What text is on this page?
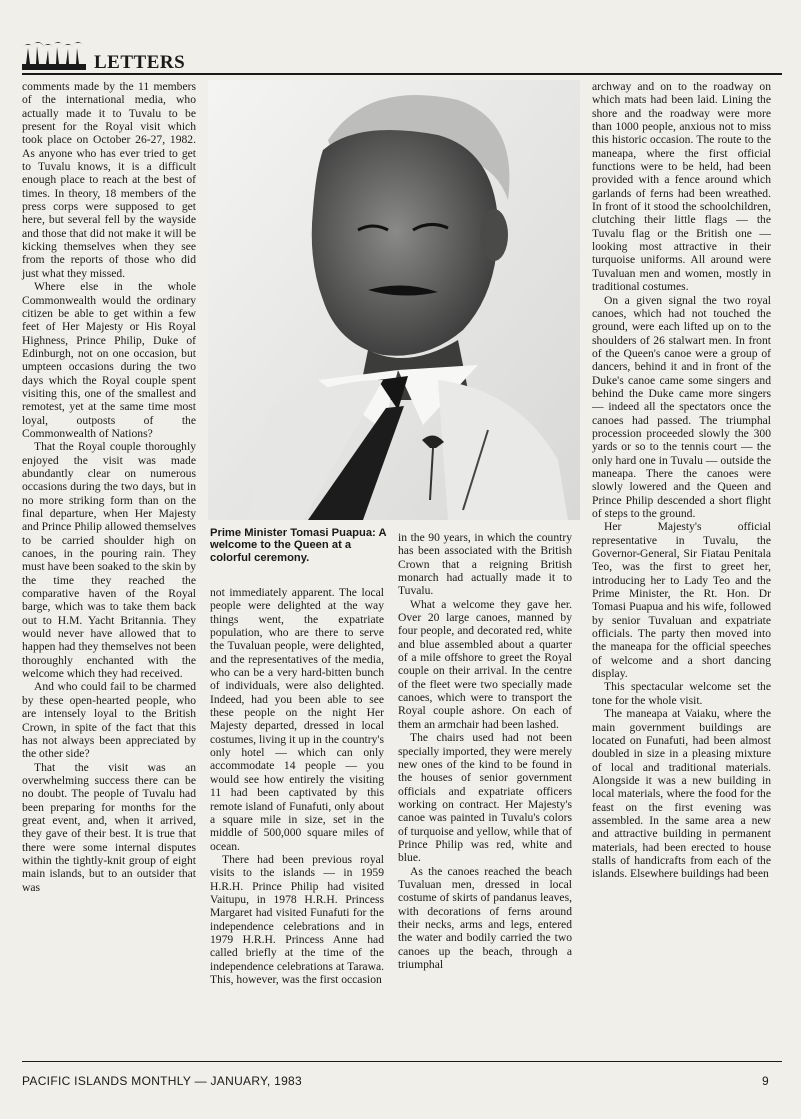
LETTERS

comments made by the 11 members of the international media, who actually made it to Tuvalu to be present for the Royal visit which took place on October 26-27, 1982. As anyone who has ever tried to get to Tuvalu knows, it is a difficult enough place to reach at the best of times. In theory, 18 members of the press corps were supposed to get here, but several fell by the wayside and those that did not make it will be kicking themselves when they see from the reports of those who did just what they missed.

Where else in the whole Commonwealth would the ordinary citizen be able to get within a few feet of Her Majesty or His Royal Highness, Prince Philip, Duke of Edinburgh, not on one occasion, but umpteen occasions during the two days which the Royal couple spent visiting this, one of the smallest and remotest, yet at the same time most loyal, outposts of the Commonwealth of Nations?

That the Royal couple thoroughly enjoyed the visit was made abundantly clear on numerous occasions during the two days, but in no more striking form than on the final departure, when Her Majesty and Prince Philip allowed themselves to be carried shoulder high on canoes, in the pouring rain. They must have been soaked to the skin by the time they reached the comparative haven of the Royal barge, which was to take them back out to H.M. Yacht Britannia. They would never have allowed that to happen had they themselves not been thoroughly enchanted with the welcome which they had received.

And who could fail to be charmed by these open-hearted people, who are intensely loyal to the British Crown, in spite of the fact that this has not always been appreciated by the other side?

That the visit was an overwhelming success there can be no doubt. The people of Tuvalu had been preparing for months for the great event, and, when it arrived, they gave of their best. It is true that there were some internal disputes within the tightly-knit group of eight main islands, but to an outsider that was

Prime Minister Tomasi Puapua: A welcome to the Queen at a colorful ceremony.

not immediately apparent. The local people were delighted at the way things went, the expatriate population, who are there to serve the Tuvaluan people, were delighted, and the representatives of the media, who can be a very hard-bitten bunch of individuals, were also delighted. Indeed, had you been able to see these people on the night Her Majesty departed, dressed in local costumes, living it up in the country's only hotel — which can only accommodate 14 people — you would see how entirely the visiting 11 had been captivated by this remote island of Funafuti, only about a square mile in size, set in the middle of 500,000 square miles of ocean.

There had been previous royal visits to the islands — in 1959 H.R.H. Prince Philip had visited Vaitupu, in 1978 H.R.H. Princess Margaret had visited Funafuti for the independence celebrations and in 1979 H.R.H. Princess Anne had called briefly at the time of the independence celebrations at Tarawa. This, however, was the first occasion

in the 90 years, in which the country has been associated with the British Crown that a reigning British monarch had actually made it to Tuvalu.

What a welcome they gave her. Over 20 large canoes, manned by four people, and decorated red, white and blue assembled about a quarter of a mile offshore to greet the Royal couple on their arrival. In the centre of the fleet were two specially made canoes, which were to transport the Royal couple ashore. On each of them an armchair had been lashed.

The chairs used had not been specially imported, they were merely new ones of the kind to be found in the houses of senior government officials and expatriate officers working on contract. Her Majesty's canoe was painted in Tuvalu's colors of turquoise and yellow, while that of Prince Philip was red, white and blue.

As the canoes reached the beach Tuvaluan men, dressed in local costume of skirts of pandanus leaves, with decorations of ferns around their necks, arms and legs, entered the water and bodily carried the two canoes up the beach, through a triumphal

archway and on to the roadway on which mats had been laid. Lining the shore and the roadway were more than 1000 people, anxious not to miss this historic occasion. The route to the maneapa, where the first official functions were to be held, had been provided with a fence around which garlands of ferns had been wreathed. In front of it stood the schoolchildren, clutching their little flags — the Tuvalu flag or the British one — looking most attractive in their turquoise uniforms. All around were Tuvaluan men and women, mostly in traditional costumes.

On a given signal the two royal canoes, which had not touched the ground, were each lifted up on to the shoulders of 26 stalwart men. In front of the Queen's canoe were a group of dancers, behind it and in front of the Duke's canoe came some singers and behind the Duke came more singers — indeed all the spectators once the canoes had passed. The triumphal procession proceeded slowly the 300 yards or so to the tennis court — the only hard one in Tuvalu — outside the maneapa. There the canoes were slowly lowered and the Queen and Prince Philip descended a short flight of steps to the ground.

Her Majesty's official representative in Tuvalu, the Governor-General, Sir Fiatau Penitala Teo, was the first to greet her, introducing her to Lady Teo and the Prime Minister, the Rt. Hon. Dr Tomasi Puapua and his wife, followed by senior Tuvaluan and expatriate officials. The party then moved into the maneapa for the official speeches of welcome and a short dancing display.

This spectacular welcome set the tone for the whole visit.

The maneapa at Vaiaku, where the main government buildings are located on Funafuti, had been almost doubled in size in a pleasing mixture of local and traditional materials. Alongside it was a new building in local materials, where the food for the feast on the first evening was assembled. In the same area a new and attractive building in permanent materials, had been erected to house stalls of handicrafts from each of the islands. Elsewhere buildings had been

PACIFIC ISLANDS MONTHLY — JANUARY, 1983	9
